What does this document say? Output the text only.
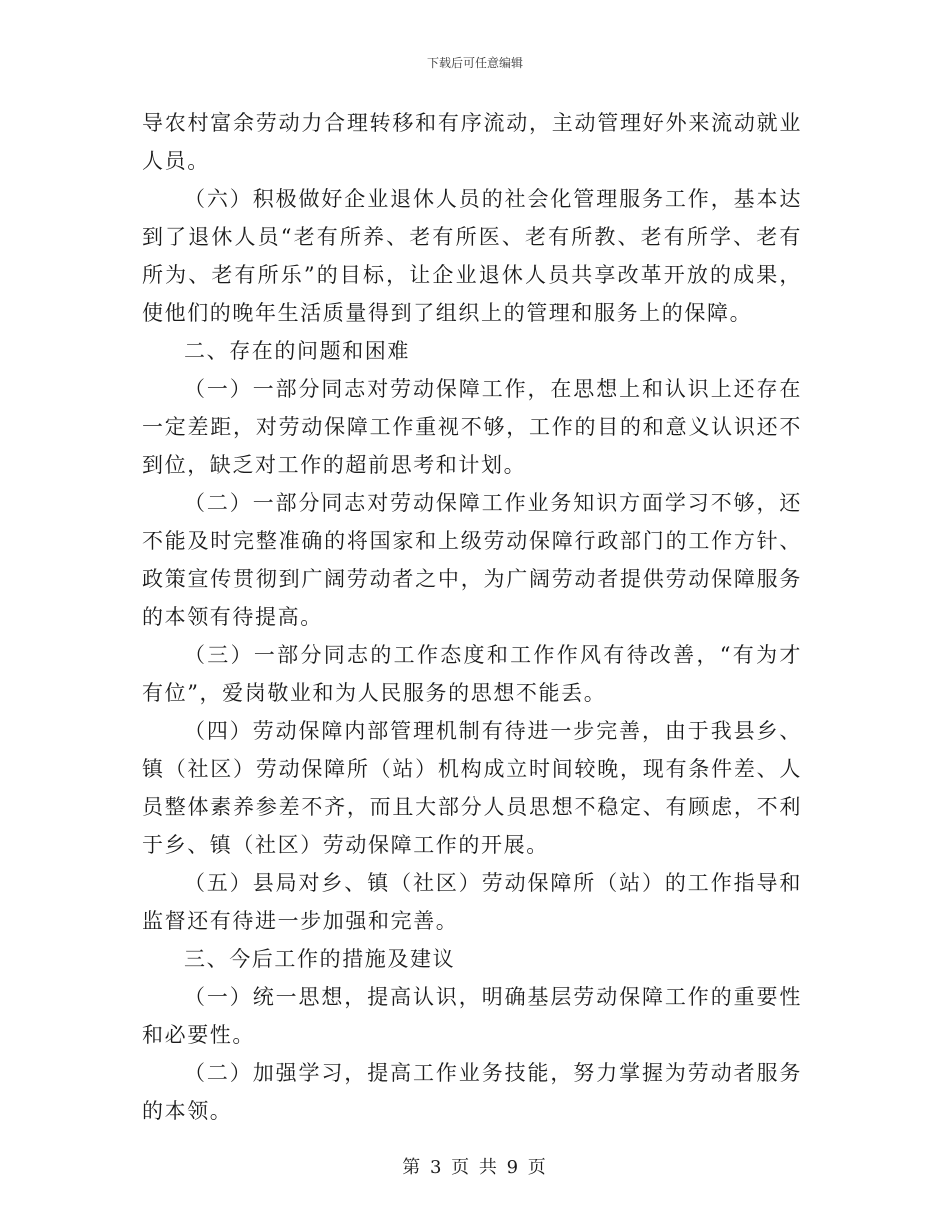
下载后可任意编辑

导农村富余劳动力合理转移和有序流动，主动管理好外来流动就业人员。

（六）积极做好企业退休人员的社会化管理服务工作，基本达到了退休人员“老有所养、老有所医、老有所教、老有所学、老有所为、老有所乐”的目标，让企业退休人员共享改革开放的成果，使他们的晚年生活质量得到了组织上的管理和服务上的保障。

二、存在的问题和困难

（一）一部分同志对劳动保障工作，在思想上和认识上还存在一定差距，对劳动保障工作重视不够，工作的目的和意义认识还不到位，缺乏对工作的超前思考和计划。

（二）一部分同志对劳动保障工作业务知识方面学习不够，还不能及时完整准确的将国家和上级劳动保障行政部门的工作方针、政策宣传贯彻到广阔劳动者之中，为广阔劳动者提供劳动保障服务的本领有待提高。

（三）一部分同志的工作态度和工作作风有待改善，“有为才有位”，爱岗敬业和为人民服务的思想不能丢。

（四）劳动保障内部管理机制有待进一步完善，由于我县乡、镇（社区）劳动保障所（站）机构成立时间较晚，现有条件差、人员整体素养参差不齐，而且大部分人员思想不稳定、有顾虑，不利于乡、镇（社区）劳动保障工作的开展。

（五）县局对乡、镇（社区）劳动保障所（站）的工作指导和监督还有待进一步加强和完善。

三、今后工作的措施及建议

（一）统一思想，提高认识，明确基层劳动保障工作的重要性和必要性。

（二）加强学习，提高工作业务技能，努力掌握为劳动者服务的本领。

第 3 页 共 9 页
